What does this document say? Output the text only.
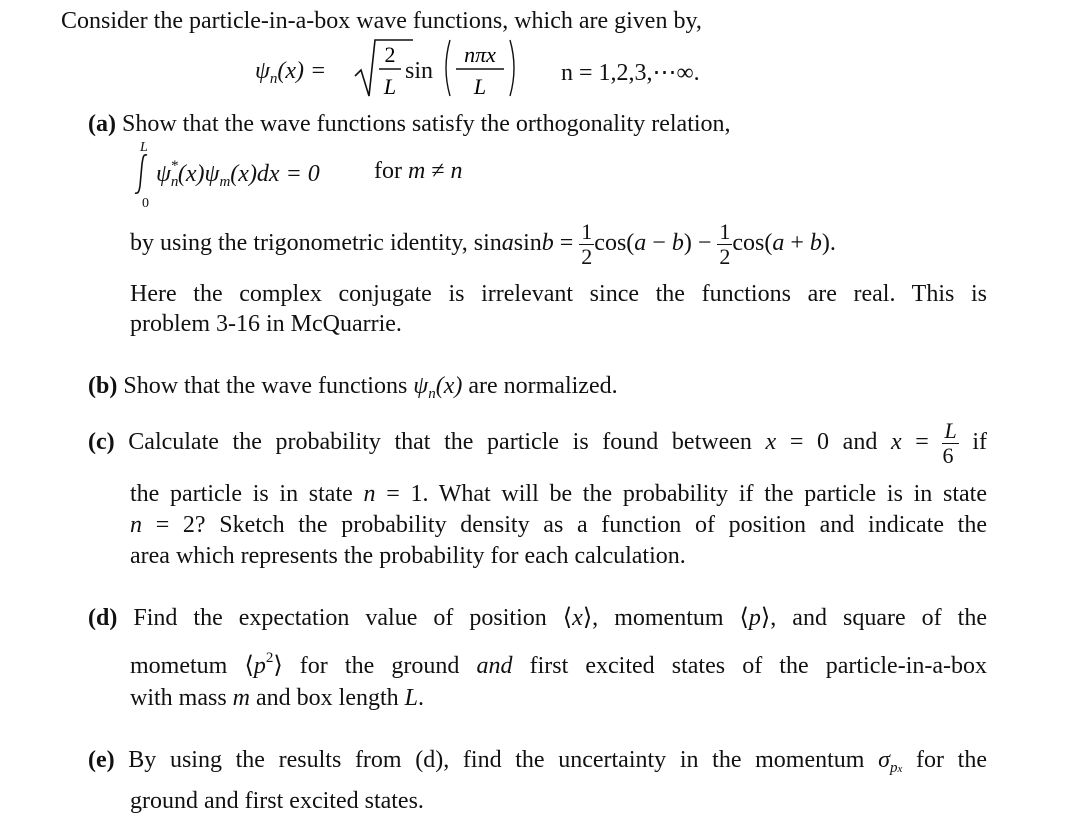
Consider the particle-in-a-box wave functions, which are given by,
$\psi_n(x)$ =
2
L
sin
nπx
L
n = 1,2,3,⋯∞.
(a) Show that the wave functions satisfy the orthogonality relation,
L
0
$\psi_n^*(x)\psi_m(x)dx = 0$ for m ≠ n
by using the trigonometric identity, sinasinb = $\frac{1}{2} \cos(a - b) - \frac{1}{2} \cos(a + b)$.
Here the complex conjugate is irrelevant since the functions are real. This is
problem 3-16 in McQuarrie.
(b) Show that the wave functions $\psi_n(x)$ are normalized.
(c) Calculate the probability that the particle is found between x = 0 and $x = \frac{L}{6}$ if
the particle is in state n = 1. What will be the probability if the particle is in state
n = 2? Sketch the probability density as a function of position and indicate the
area which represents the probability for each calculation.
(d) Find the expectation value of position ⟨x⟩, momentum ⟨p⟩, and square of the
mometum $⟨p^2⟩$ for the ground and first excited states of the particle-in-a-box
with mass m and box length L.
(e) By using the results from (d), find the uncertainty in the momentum $\sigma_{px}$ for the
ground and first excited states.
